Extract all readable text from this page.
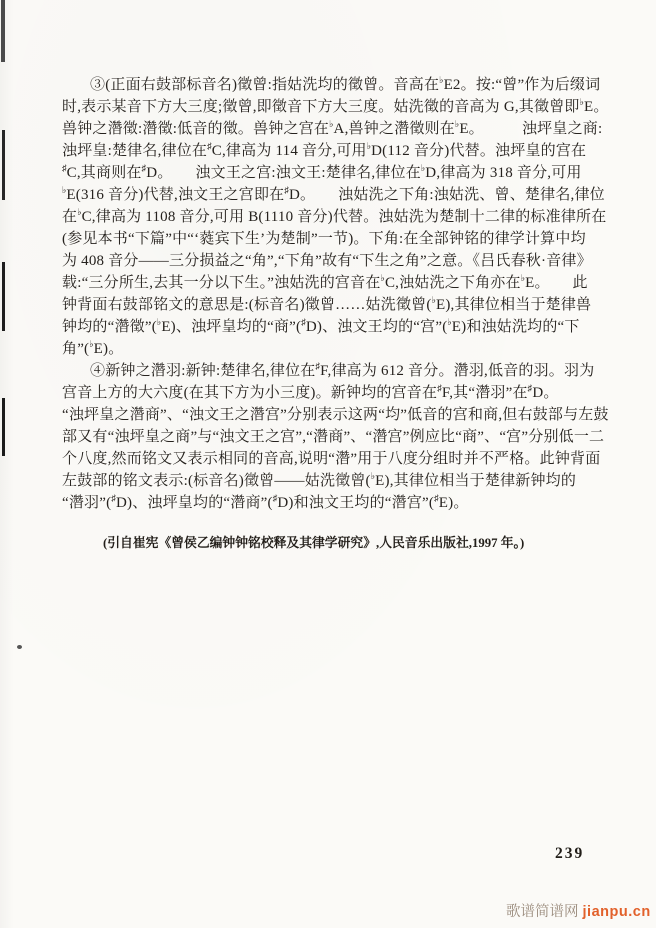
③(正面右鼓部标音名)徵曾:指姑洗均的徵曾。音高在♭E2。按:“曾”作为后缀词
时,表示某音下方大三度;徵曾,即徵音下方大三度。姑洗徵的音高为 G,其徵曾即♭E。
兽钟之濳徵:濳徵:低音的徵。兽钟之宫在♭A,兽钟之濳徵则在♭E。　　　浊坪皇之商:
浊坪皇:楚律名,律位在♯C,律高为 114 音分,可用♭D(112 音分)代替。浊坪皇的宫在
♯C,其商则在♯D。　　浊文王之宫:浊文王:楚律名,律位在♭D,律高为 318 音分,可用
♭E(316 音分)代替,浊文王之宫即在♯D。　　浊姑洗之下角:浊姑洗、曾、楚律名,律位
在♭C,律高为 1108 音分,可用 B(1110 音分)代替。浊姑洗为楚制十二律的标准律所在
(参见本书“下篇”中“‘蕤宾下生’为楚制”一节)。下角:在全部钟铭的律学计算中均
为 408 音分——三分损益之“角”,“下角”故有“下生之角”之意。《吕氏春秋·音律》
载:“三分所生,去其一分以下生。”浊姑洗的宫音在♭C,浊姑洗之下角亦在♭E。　　此
钟背面右鼓部铭文的意思是:(标音名)徵曾……姑洗徵曾(♭E),其律位相当于楚律兽
钟均的“濳徵”(♭E)、浊坪皇均的“商”(♯D)、浊文王均的“宫”(♭E)和浊姑洗均的“下
角”(♭E)。
④新钟之濳羽:新钟:楚律名,律位在♯F,律高为 612 音分。濳羽,低音的羽。羽为
宫音上方的大六度(在其下方为小三度)。新钟均的宫音在♯F,其“濳羽”在♯D。
“浊坪皇之濳商”、“浊文王之濳宫”分别表示这两“均”低音的宫和商,但右鼓部与左鼓
部又有“浊坪皇之商”与“浊文王之宫”,“濳商”、“濳宫”例应比“商”、“宫”分别低一二
个八度,然而铭文又表示相同的音高,说明“濳”用于八度分组时并不严格。此钟背面
左鼓部的铭文表示:(标音名)徵曾——姑洗徵曾(♭E),其律位相当于楚律新钟均的
“濳羽”(♯D)、浊坪皇均的“濳商”(♯D)和浊文王均的“濳宫”(♯E)。
(引自崔宪《曾侯乙编钟钟铭校释及其律学研究》,人民音乐出版社,1997 年。)
239
歌谱简谱网 jianpu.cn
